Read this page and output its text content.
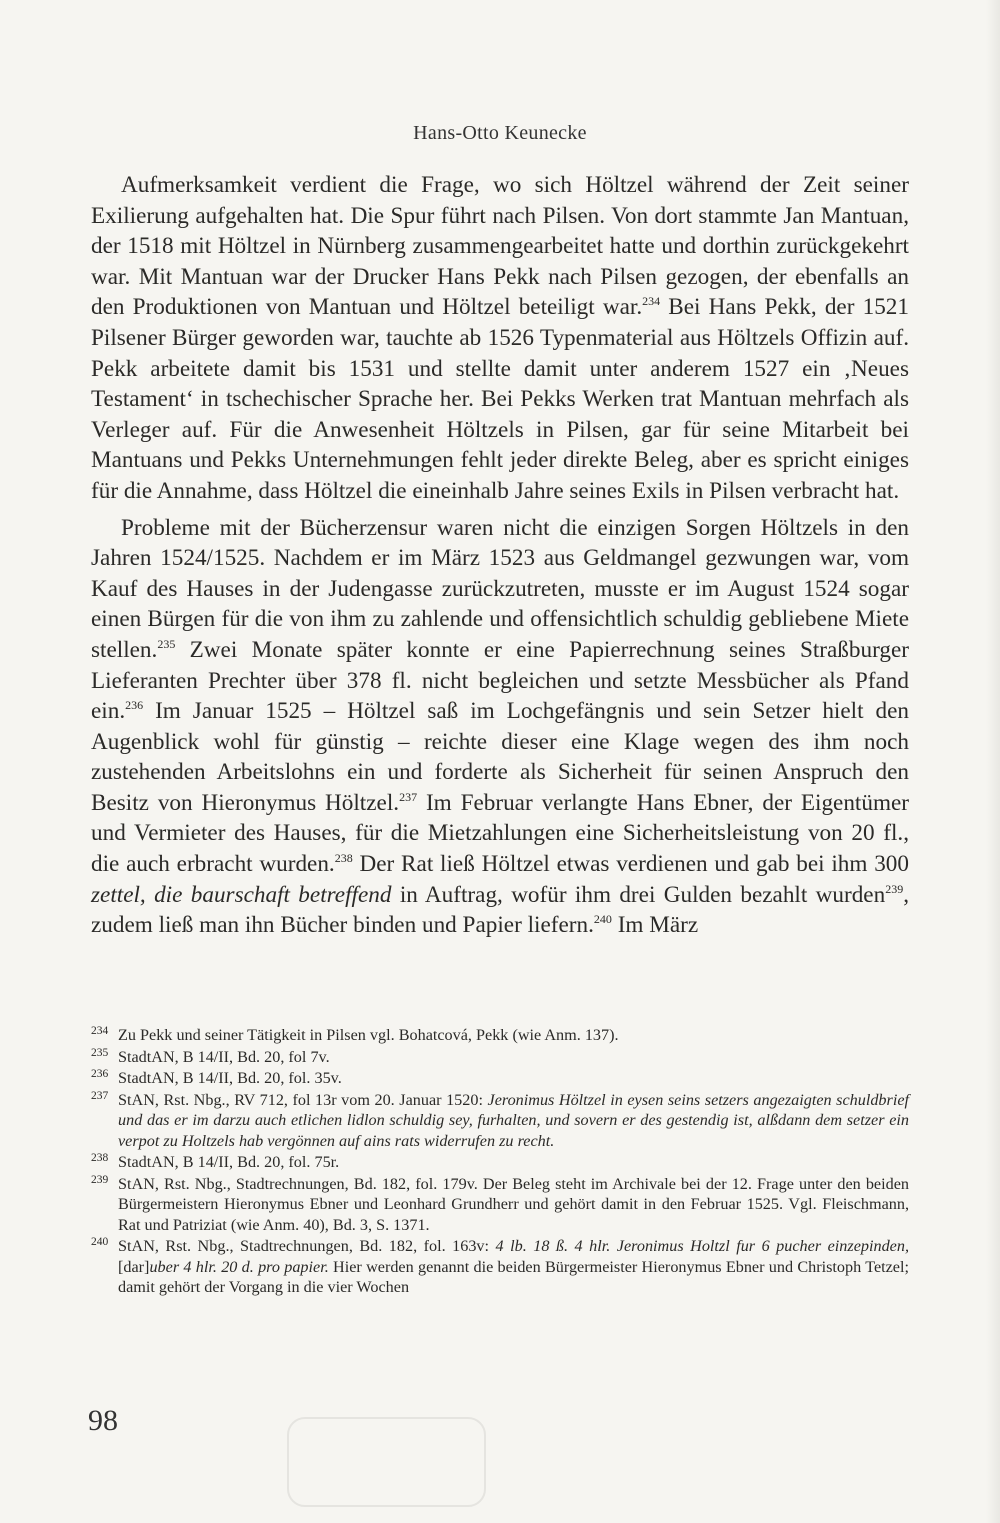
Hans-Otto Keunecke

Aufmerksamkeit verdient die Frage, wo sich Höltzel während der Zeit seiner Exilierung aufgehalten hat. Die Spur führt nach Pilsen. Von dort stammte Jan Mantuan, der 1518 mit Höltzel in Nürnberg zusammengearbeitet hatte und dorthin zurückgekehrt war. Mit Mantuan war der Drucker Hans Pekk nach Pilsen gezogen, der ebenfalls an den Produktionen von Mantuan und Höltzel beteiligt war.$^{234}$ Bei Hans Pekk, der 1521 Pilsener Bürger geworden war, tauchte ab 1526 Typenmaterial aus Höltzels Offizin auf. Pekk arbeitete damit bis 1531 und stellte damit unter anderem 1527 ein ‚Neues Testament‘ in tschechischer Sprache her. Bei Pekks Werken trat Mantuan mehrfach als Verleger auf. Für die Anwesenheit Höltzels in Pilsen, gar für seine Mitarbeit bei Mantuans und Pekks Unternehmungen fehlt jeder direkte Beleg, aber es spricht einiges für die Annahme, dass Höltzel die eineinhalb Jahre seines Exils in Pilsen verbracht hat.

Probleme mit der Bücherzensur waren nicht die einzigen Sorgen Höltzels in den Jahren 1524/1525. Nachdem er im März 1523 aus Geldmangel gezwungen war, vom Kauf des Hauses in der Judengasse zurückzutreten, musste er im August 1524 sogar einen Bürgen für die von ihm zu zahlende und offensichtlich schuldig gebliebene Miete stellen.$^{235}$ Zwei Monate später konnte er eine Papierrechnung seines Straßburger Lieferanten Prechter über 378 fl. nicht begleichen und setzte Messbücher als Pfand ein.$^{236}$ Im Januar 1525 – Höltzel saß im Lochgefängnis und sein Setzer hielt den Augenblick wohl für günstig – reichte dieser eine Klage wegen des ihm noch zustehenden Arbeitslohns ein und forderte als Sicherheit für seinen Anspruch den Besitz von Hieronymus Höltzel.$^{237}$ Im Februar verlangte Hans Ebner, der Eigentümer und Vermieter des Hauses, für die Mietzahlungen eine Sicherheitsleistung von 20 fl., die auch erbracht wurden.$^{238}$ Der Rat ließ Höltzel etwas verdienen und gab bei ihm 300 zettel, die baurschaft betreffend in Auftrag, wofür ihm drei Gulden bezahlt wurden$^{239}$, zudem ließ man ihn Bücher binden und Papier liefern.$^{240}$ Im März

234 Zu Pekk und seiner Tätigkeit in Pilsen vgl. Bohatcová, Pekk (wie Anm. 137).
235 StadtAN, B 14/II, Bd. 20, fol 7v.
236 StadtAN, B 14/II, Bd. 20, fol. 35v.
237 StAN, Rst. Nbg., RV 712, fol 13r vom 20. Januar 1520: Jeronimus Höltzel in eysen seins setzers angezaigten schuldbrief und das er im darzu auch etlichen lidlon schuldig sey, furhalten, und sovern er des gestendig ist, alßdann dem setzer ein verpot zu Holtzels hab vergönnen auf ains rats widerrufen zu recht.
238 StadtAN, B 14/II, Bd. 20, fol. 75r.
239 StAN, Rst. Nbg., Stadtrechnungen, Bd. 182, fol. 179v. Der Beleg steht im Archivale bei der 12. Frage unter den beiden Bürgermeistern Hieronymus Ebner und Leonhard Grundherr und gehört damit in den Februar 1525. Vgl. Fleischmann, Rat und Patriziat (wie Anm. 40), Bd. 3, S. 1371.
240 StAN, Rst. Nbg., Stadtrechnungen, Bd. 182, fol. 163v: 4 lb. 18 ß. 4 hlr. Jeronimus Holtzl fur 6 pucher einzepinden, [dar]uber 4 hlr. 20 d. pro papier. Hier werden genannt die beiden Bürgermeister Hieronymus Ebner und Christoph Tetzel; damit gehört der Vorgang in die vier Wochen
98
